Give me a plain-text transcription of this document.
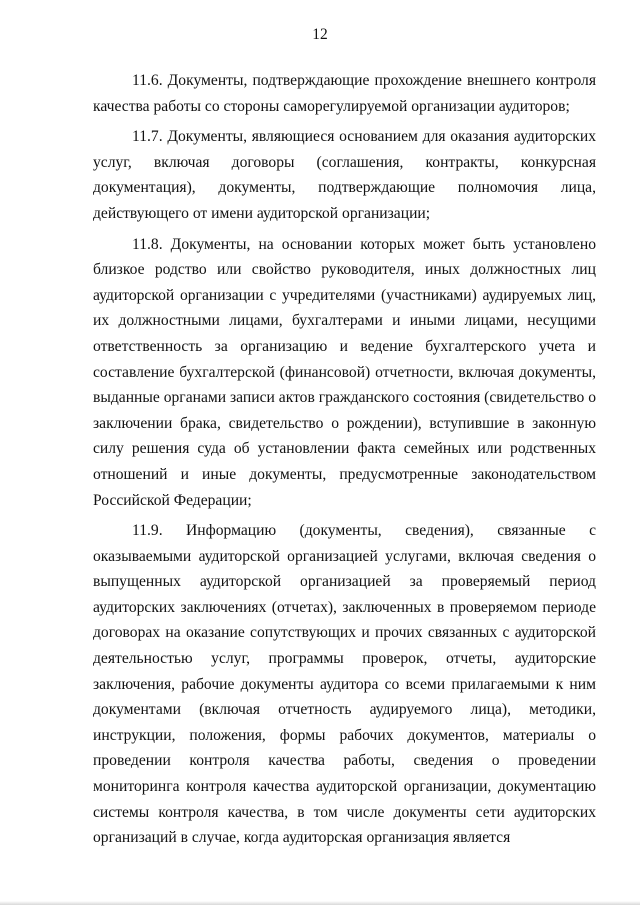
12

11.6. Документы, подтверждающие прохождение внешнего контроля качества работы со стороны саморегулируемой организации аудиторов;

11.7. Документы, являющиеся основанием для оказания аудиторских услуг, включая договоры (соглашения, контракты, конкурсная документация), документы, подтверждающие полномочия лица, действующего от имени аудиторской организации;

11.8. Документы, на основании которых может быть установлено близкое родство или свойство руководителя, иных должностных лиц аудиторской организации с учредителями (участниками) аудируемых лиц, их должностными лицами, бухгалтерами и иными лицами, несущими ответственность за организацию и ведение бухгалтерского учета и составление бухгалтерской (финансовой) отчетности, включая документы, выданные органами записи актов гражданского состояния (свидетельство о заключении брака, свидетельство о рождении), вступившие в законную силу решения суда об установлении факта семейных или родственных отношений и иные документы, предусмотренные законодательством Российской Федерации;

11.9. Информацию (документы, сведения), связанные с оказываемыми аудиторской организацией услугами, включая сведения о выпущенных аудиторской организацией за проверяемый период аудиторских заключениях (отчетах), заключенных в проверяемом периоде договорах на оказание сопутствующих и прочих связанных с аудиторской деятельностью услуг, программы проверок, отчеты, аудиторские заключения, рабочие документы аудитора со всеми прилагаемыми к ним документами (включая отчетность аудируемого лица), методики, инструкции, положения, формы рабочих документов, материалы о проведении контроля качества работы, сведения о проведении мониторинга контроля качества аудиторской организации, документацию системы контроля качества, в том числе документы сети аудиторских организаций в случае, когда аудиторская организация является
